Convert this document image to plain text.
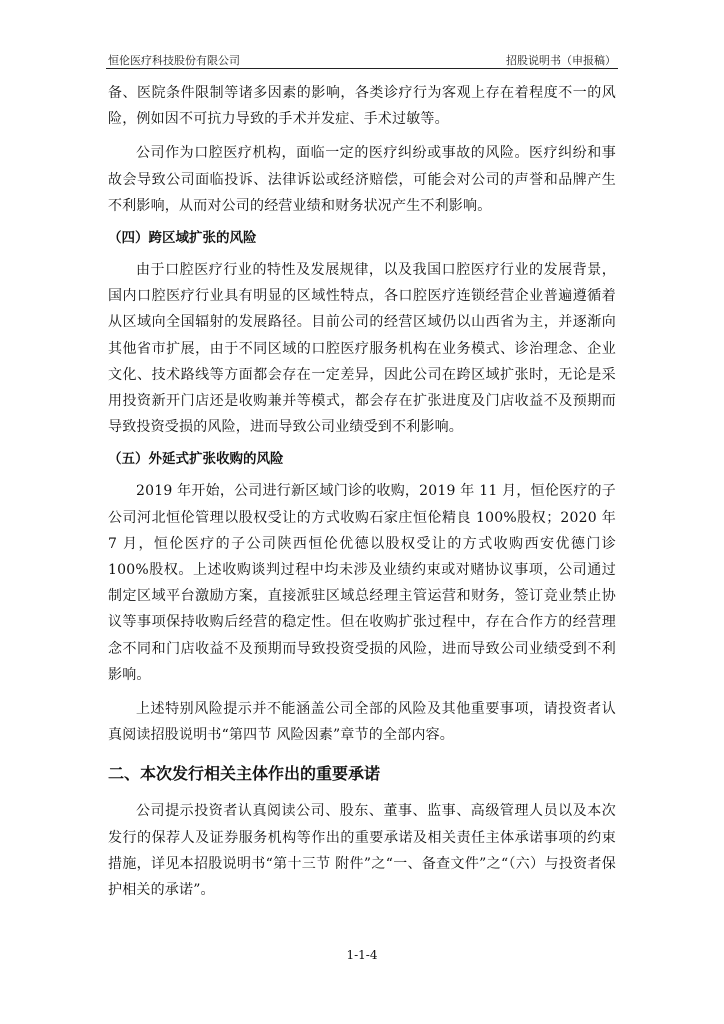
恒伦医疗科技股份有限公司	招股说明书（申报稿）

备、医院条件限制等诸多因素的影响，各类诊疗行为客观上存在着程度不一的风险，例如因不可抗力导致的手术并发症、手术过敏等。

公司作为口腔医疗机构，面临一定的医疗纠纷或事故的风险。医疗纠纷和事故会导致公司面临投诉、法律诉讼或经济赔偿，可能会对公司的声誉和品牌产生不利影响，从而对公司的经营业绩和财务状况产生不利影响。

（四）跨区域扩张的风险

由于口腔医疗行业的特性及发展规律，以及我国口腔医疗行业的发展背景，国内口腔医疗行业具有明显的区域性特点，各口腔医疗连锁经营企业普遍遵循着从区域向全国辐射的发展路径。目前公司的经营区域仍以山西省为主，并逐渐向其他省市扩展，由于不同区域的口腔医疗服务机构在业务模式、诊治理念、企业文化、技术路线等方面都会存在一定差异，因此公司在跨区域扩张时，无论是采用投资新开门店还是收购兼并等模式，都会存在扩张进度及门店收益不及预期而导致投资受损的风险，进而导致公司业绩受到不利影响。

（五）外延式扩张收购的风险

2019 年开始，公司进行新区域门诊的收购，2019 年 11 月，恒伦医疗的子公司河北恒伦管理以股权受让的方式收购石家庄恒伦精良 100%股权；2020 年 7 月，恒伦医疗的子公司陕西恒伦优德以股权受让的方式收购西安优德门诊 100%股权。上述收购谈判过程中均未涉及业绩约束或对赌协议事项，公司通过制定区域平台激励方案，直接派驻区域总经理主管运营和财务，签订竞业禁止协议等事项保持收购后经营的稳定性。但在收购扩张过程中，存在合作方的经营理念不同和门店收益不及预期而导致投资受损的风险，进而导致公司业绩受到不利影响。

上述特别风险提示并不能涵盖公司全部的风险及其他重要事项，请投资者认真阅读招股说明书“第四节 风险因素”章节的全部内容。

二、本次发行相关主体作出的重要承诺

公司提示投资者认真阅读公司、股东、董事、监事、高级管理人员以及本次发行的保荐人及证券服务机构等作出的重要承诺及相关责任主体承诺事项的约束措施，详见本招股说明书“第十三节 附件”之“一、备查文件”之“（六）与投资者保护相关的承诺”。

1-1-4
